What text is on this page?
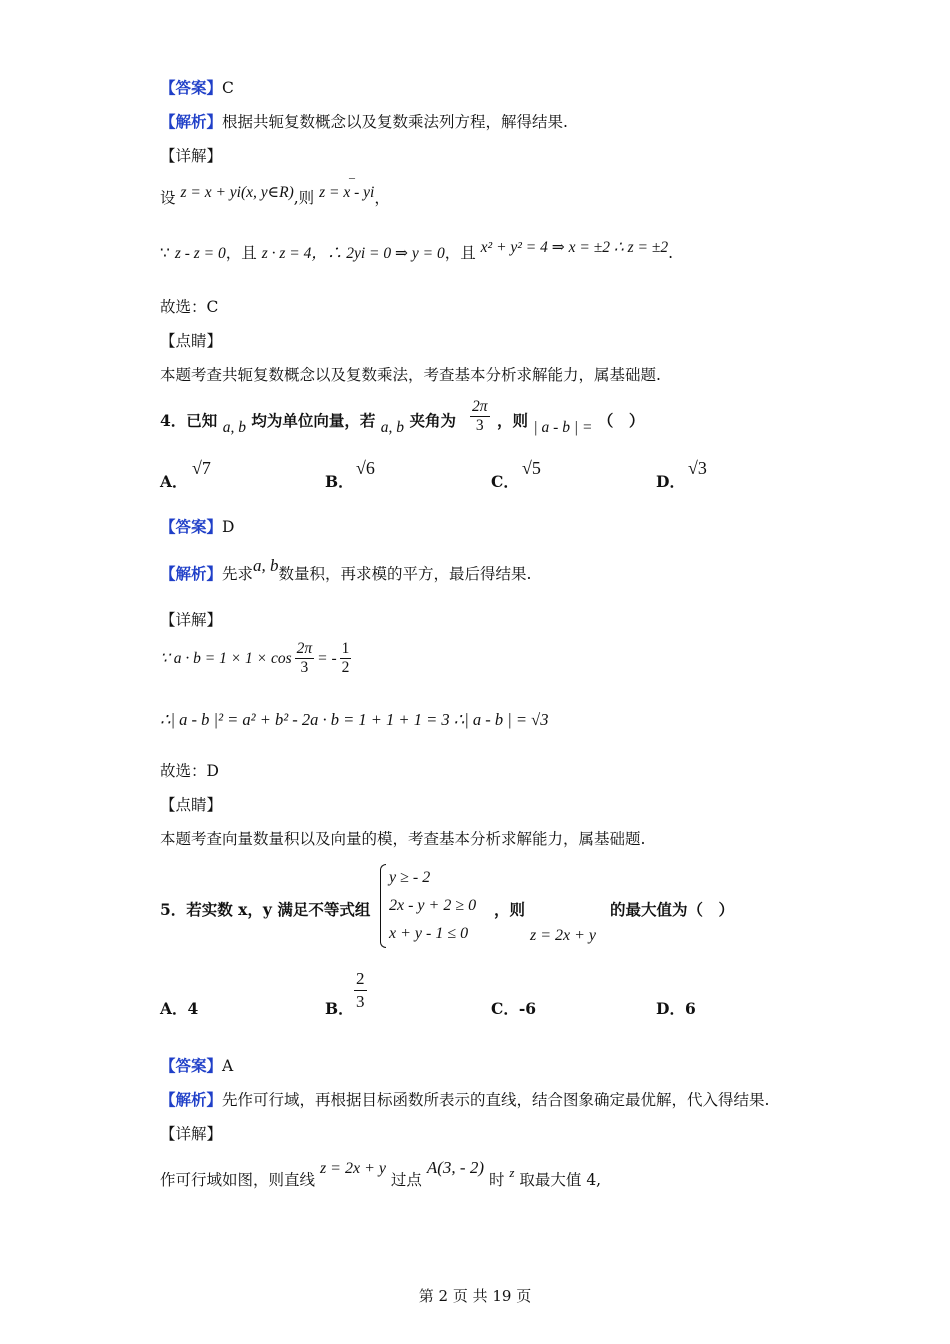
【答案】C
【解析】根据共轭复数概念以及复数乘法列方程，解得结果.
【详解】
设 z = x + yi(x, y∈R),则 z = x - yi，
–
∵ z - z = 0，且 z · z = 4，∴ 2yi = 0 ⇒ y = 0，且 x² + y² = 4 ⇒ x = ±2 ∴ z = ±2.
故选：C
【点睛】
本题考查共轭复数概念以及复数乘法，考查基本分析求解能力，属基础题.
4．已知 a, b 均为单位向量，若 a, b 夹角为 $\frac{2\pi}{3}$ ，则 | a - b | = （　）
A．
√7
B．
√6
C．
√5
D．
√3
【答案】D
【解析】先求a, b数量积，再求模的平方，最后得结果.
【详解】
∵ $a \cdot b = 1 \times 1 \times \cos \frac{2\pi}{3}$ = - $\frac{1}{2}$
∴| a - b |² = a² + b² - 2a · b = 1 + 1 + 1 = 3 ∴| a - b | = √3
故选：D
【点睛】
本题考查向量数量积以及向量的模，考查基本分析求解能力，属基础题.
5．若实数 x，y 满足不等式组
y ≥ - 2
2x - y + 2 ≥ 0
x + y - 1 ≤ 0
，则
z = 2x + y
的最大值为（　）
A．4	B． $\frac{2}{3}$	C．-6	D．6
【答案】A
【解析】先作可行域，再根据目标函数所表示的直线，结合图象确定最优解，代入得结果.
【详解】
作可行域如图，则直线 z = 2x + y 过点 A(3, - 2) 时 $^z$ 取最大值 4,
第 2 页 共 19 页
